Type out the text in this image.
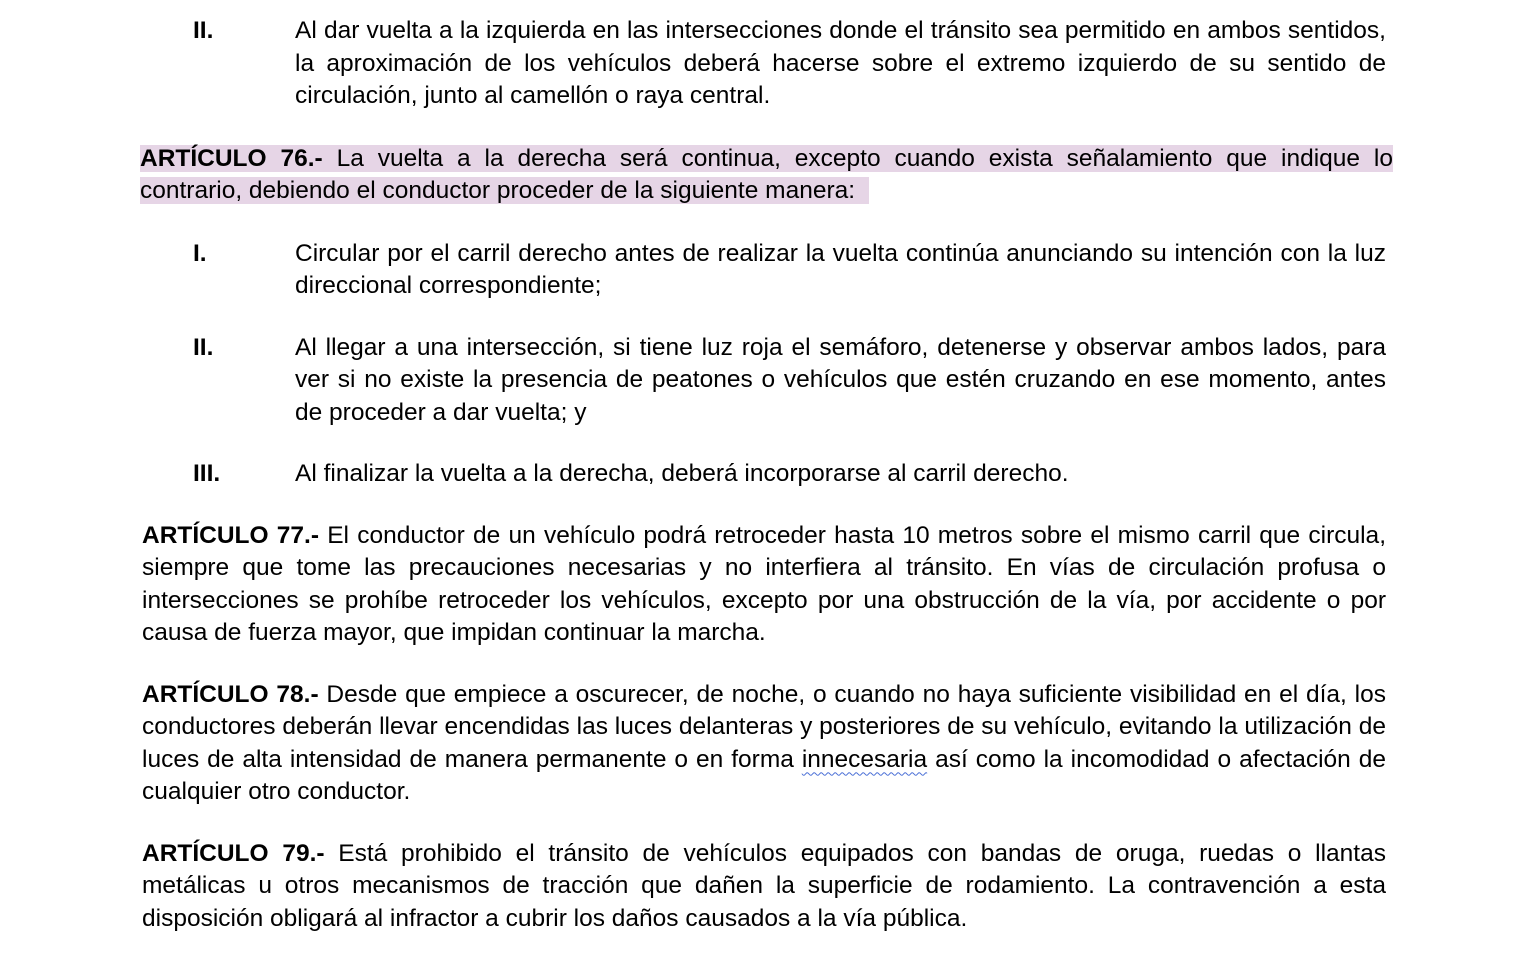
II.	Al dar vuelta a la izquierda en las intersecciones donde el tránsito sea permitido en ambos sentidos, la aproximación de los vehículos deberá hacerse sobre el extremo izquierdo de su sentido de circulación, junto al camellón o raya central.
ARTÍCULO 76.- La vuelta a la derecha será continua, excepto cuando exista señalamiento que indique lo contrario, debiendo el conductor proceder de la siguiente manera:
I.	Circular por el carril derecho antes de realizar la vuelta continúa anunciando su intención con la luz direccional correspondiente;
II.	Al llegar a una intersección, si tiene luz roja el semáforo, detenerse y observar ambos lados, para ver si no existe la presencia de peatones o vehículos que estén cruzando en ese momento, antes de proceder a dar vuelta; y
III.	Al finalizar la vuelta a la derecha, deberá incorporarse al carril derecho.
ARTÍCULO 77.- El conductor de un vehículo podrá retroceder hasta 10 metros sobre el mismo carril que circula, siempre que tome las precauciones necesarias y no interfiera al tránsito. En vías de circulación profusa o intersecciones se prohíbe retroceder los vehículos, excepto por una obstrucción de la vía, por accidente o por causa de fuerza mayor, que impidan continuar la marcha.
ARTÍCULO 78.- Desde que empiece a oscurecer, de noche, o cuando no haya suficiente visibilidad en el día, los conductores deberán llevar encendidas las luces delanteras y posteriores de su vehículo, evitando la utilización de luces de alta intensidad de manera permanente o en forma innecesaria así como la incomodidad o afectación de cualquier otro conductor.
ARTÍCULO 79.- Está prohibido el tránsito de vehículos equipados con bandas de oruga, ruedas o llantas metálicas u otros mecanismos de tracción que dañen la superficie de rodamiento. La contravención a esta disposición obligará al infractor a cubrir los daños causados a la vía pública.
